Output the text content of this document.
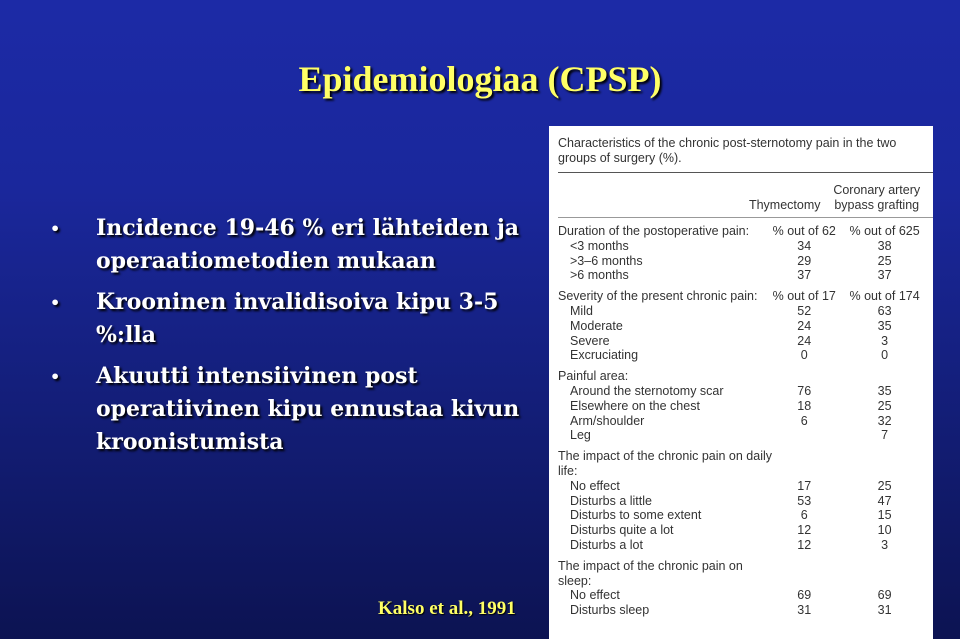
Epidemiologiaa (CPSP)
• Incidence 19-46 % eri lähteiden ja operaatiometodien mukaan
• Krooninen invalidisoiva kipu 3-5 %:lla
• Akuutti intensiivinen post operatiivinen kipu ennustaa kivun kroonistumista
Characteristics of the chronic post-sternotomy pain in the two groups of surgery (%).
	Thymectomy	Coronary artery bypass grafting

Duration of the postoperative pain:	% out of 62	% out of 625
<3 months	34	38
>3–6 months	29	25
>6 months	37	37

Severity of the present chronic pain:	% out of 17	% out of 174
Mild	52	63
Moderate	24	35
Severe	24	3
Excruciating	0	0

Painful area:		
Around the sternotomy scar	76	35
Elsewhere on the chest	18	25
Arm/shoulder	6	32
Leg		7

The impact of the chronic pain on daily life:		
No effect	17	25
Disturbs a little	53	47
Disturbs to some extent	6	15
Disturbs quite a lot	12	10
Disturbs a lot	12	3

The impact of the chronic pain on sleep:		
No effect	69	69
Disturbs sleep	31	31
Kalso et al., 1991
